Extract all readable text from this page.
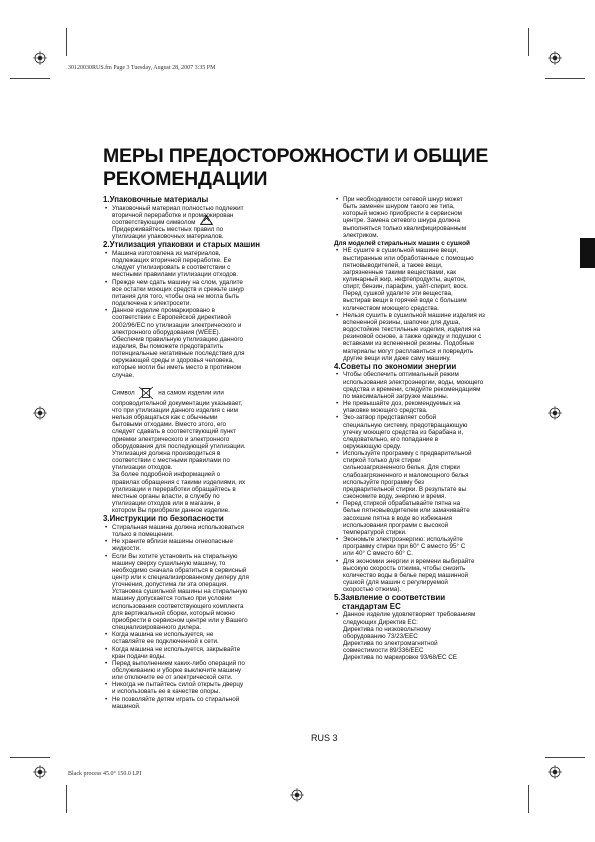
30120030RUS.fm Page 3 Tuesday, August 28, 2007 3:35 PM
Black process 45.0° 150.0 LPI
МЕРЫ ПРЕДОСТОРОЖНОСТИ И ОБЩИЕ
РЕКОМЕНДАЦИИ
1.Упаковочные материалы
• Упаковочный материал полностью подлежит
вторичной переработке и промаркирован
соответствующим символом
Придерживайтесь местных правил по
утилизации упаковочных материалов.
2.Утилизация упаковки и старых машин
• Машина изготовлена из материалов,
подлежащих вторичной переработке. Ее
следует утилизировать в соответствии с
местными правилами утилизации отходов.
• Прежде чем сдать машину на слом, удалите
все остатки моющих средств и срежьте шнур
питания для того, чтобы она не могла быть
подключена к электросети.
• Данное изделие промаркировано в
соответствии с Европейской директивой
2002/96/EC по утилизации электрического и
электронного оборудования (WEEE).
Обеспечив правильную утилизацию данного
изделия, Вы поможете предотвратить
потенциальные негативные последствия для
окружающей среды и здоровья человека,
которые могли бы иметь место в противном
случае.
Символ	на самом изделии или
сопроводительной документации указывает,
что при утилизации данного изделия с ним
нельзя обращаться как с обычными
бытовыми отходами. Вместо этого, его
следует сдавать в соответствующий пункт
приемки электрического и электронного
оборудования для последующей утилизации.
Утилизация должна производиться в
соответствии с местными правилами по
утилизации отходов.
За более подробной информацией о
правилах обращения с такими изделиями, их
утилизации и переработки обращайтесь в
местные органы власти, в службу по
утилизации отходов или в магазин, в
котором Вы приобрели данное изделие.
3.Инструкции по безопасности
• Стиральная машина должна использоваться
только в помещении.
• Не храните вблизи машины огнеопасные
жидкости.
• Если Вы хотите установить на стиральную
машину сверху сушильную машину, то
необходимо сначала обратиться в сервисный
центр или к специализированному дилеру для
уточнения, допустима ли эта операция.
Установка сушильной машины на стиральную
машину допускается только при условии
использования соответствующего комплекта
для вертикальной сборки, который можно
приобрести в сервисном центре или у Вашего
специализированного дилера.
• Когда машина не используется, не
оставляйте ее подключенной к сети.
• Когда машина не используется, закрывайте
кран подачи воды.
• Перед выполнением каких-либо операций по
обслуживанию и уборке выключите машину
или отключите ее от электрической сети.
• Никогда не пытайтесь силой открыть дверцу
и использовать ее в качестве опоры.
• Не позволяйте детям играть со стиральной
машиной.
• При необходимости сетевой шнур может
быть заменен шнуром такого же типа,
который можно приобрести в сервисном
центре. Замена сетевого шнура должна
выполняться только квалифицированным
электриком.
Для моделей стиральных машин с сушкой
• НЕ сушите в сушильной машине вещи,
выстиранные или обработанные с помощью
пятновыводителей, а также вещи,
загрязненные такими веществами, как
кулинарный жир, нефтепродукты, ацетон,
спирт, бензин, парафин, уайт-спирит, воск.
Перед сушкой удалите эти вещества,
выстирав вещи в горячей воде с большим
количеством моющего средства.
• Нельзя сушить в сушильной машине изделия из
вспененной резины, шапочки для душа,
водостойкие текстильные изделия, изделия на
резиновой основе, а также одежду и подушки с
вставками из вспененной резины. Подобные
материалы могут расплавиться и повредить
другие вещи или даже саму машину.
4.Советы по экономии энергии
• Чтобы обеспечить оптимальный режим
использования электроэнергии, воды, моющего
средства и времени, следуйте рекомендациям
по максимальной загрузке машины.
• Не превышайте доз, рекомендуемых на
упаковке моющего средства.
• Эко-затвор представляет собой
специальную систему, предотвращающую
утечку моющего средства из барабана и,
следовательно, его попадание в
окружающую среду.
• Используйте программу с предварительной
стиркой только для стирки
сильнозагрязненного белья. Для стирки
слабозагрязненного и маломощного белья
используйте программу без
предварительной стирки. В результате вы
сэкономите воду, энергию и время.
• Перед стиркой обрабатывайте пятна на
белье пятновыводителем или замачивайте
засохшие пятна в воде во избежания
использования программ с высокой
температурой стирки.
• Экономьте электроэнергию: используйте
программу стирки при 60° C вместо 95° C
или 40° C вместо 60° C.
• Для экономии энергии и времени выбирайте
высокую скорость отжима, чтобы снизить
количество воды в белье перед машинной
сушкой (для машин с регулируемой
скоростью отжима).
5.Заявление о соответствии
стандартам ЕС
• Данное изделие удовлетворяет требованиям
следующих Директив ЕС:
Директива по низковольтному
оборудованию 73/23/EEC
Директива по электромагнитной
совместимости 89/336/EEC
Директива по маркировке 93/68/EC CE
RUS 3
